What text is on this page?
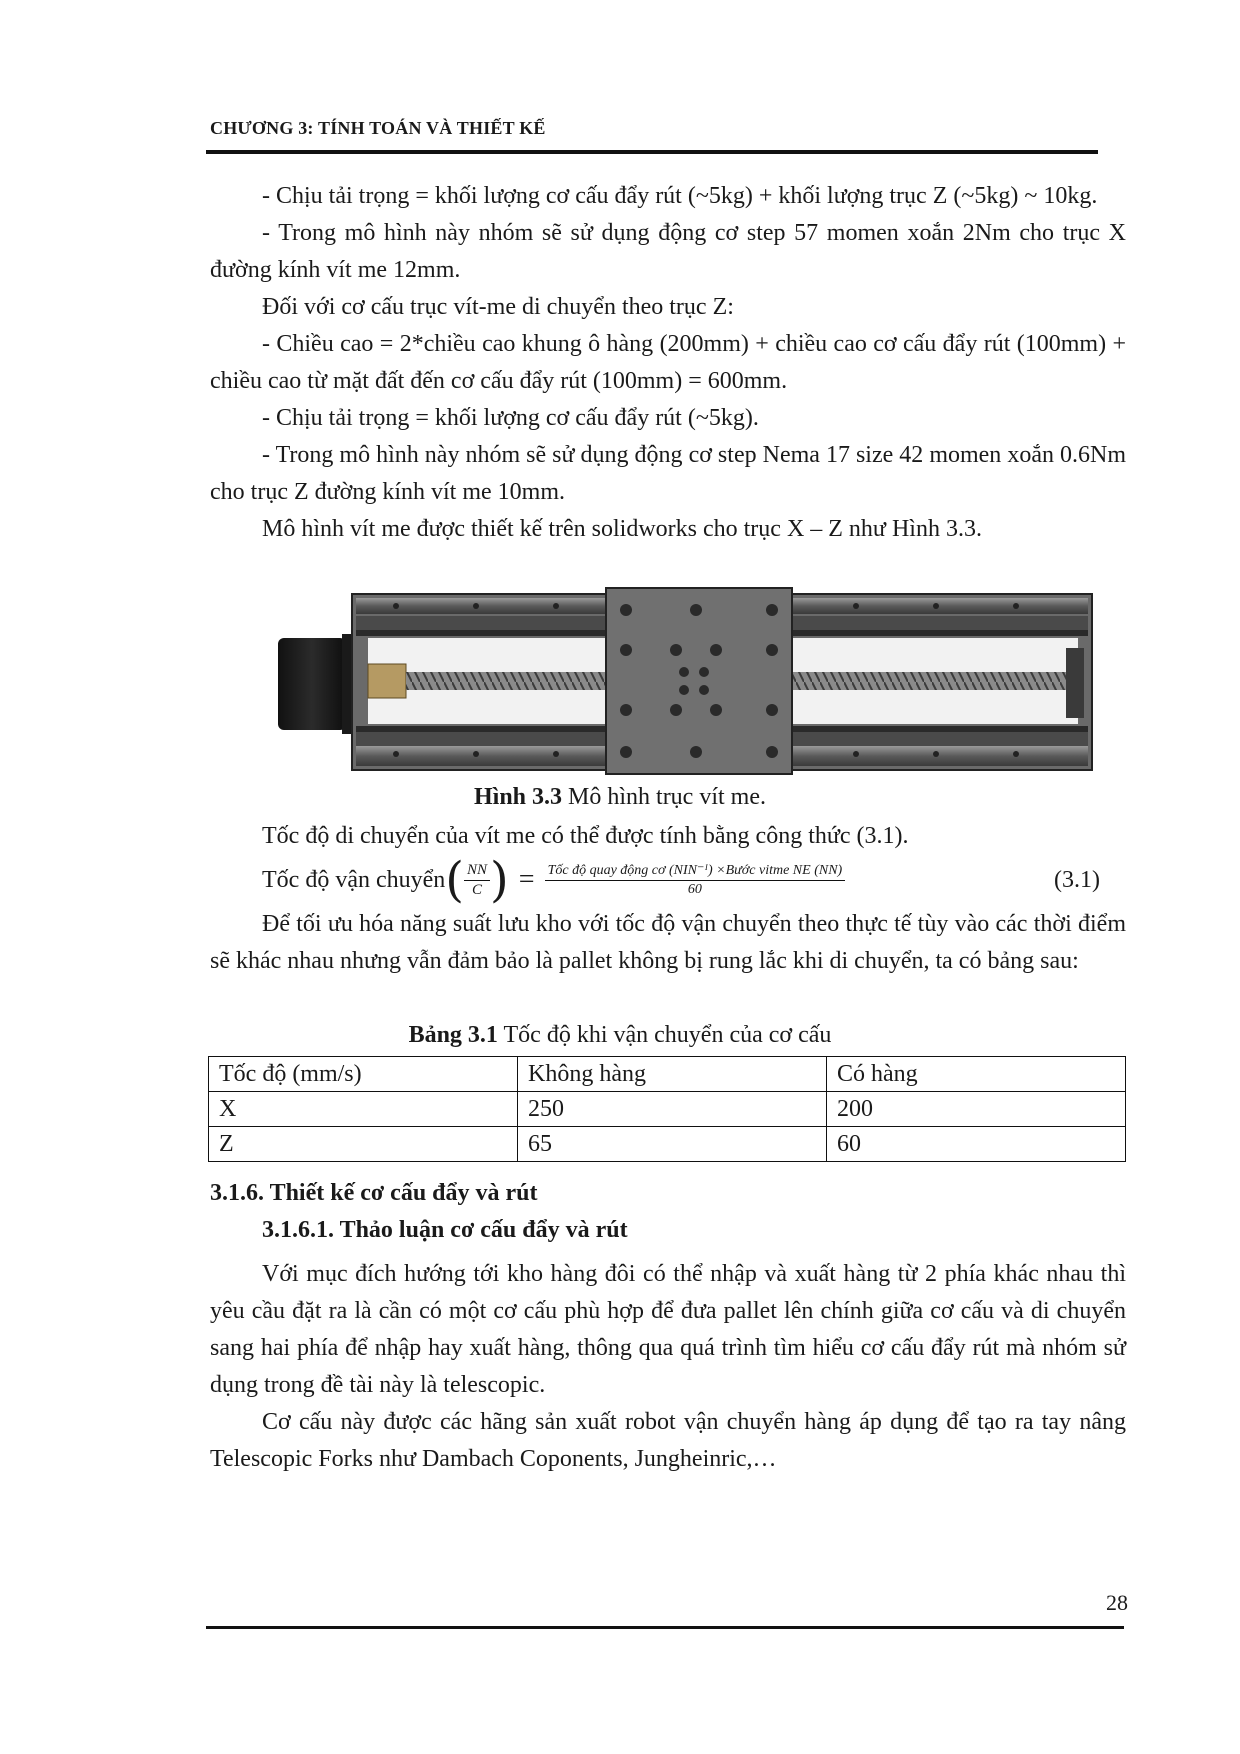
CHƯƠNG 3: TÍNH TOÁN VÀ THIẾT KẾ

- Chịu tải trọng = khối lượng cơ cấu đẩy rút (~5kg) + khối lượng trục Z (~5kg) ~ 10kg.

- Trong mô hình này nhóm sẽ sử dụng động cơ step 57 momen xoắn 2Nm cho trục X đường kính vít me 12mm.

Đối với cơ cấu trục vít-me di chuyển theo trục Z:

- Chiều cao = 2*chiều cao khung ô hàng (200mm) + chiều cao cơ cấu đẩy rút (100mm) + chiều cao từ mặt đất đến cơ cấu đẩy rút (100mm) = 600mm.

- Chịu tải trọng = khối lượng cơ cấu đẩy rút (~5kg).

- Trong mô hình này nhóm sẽ sử dụng động cơ step Nema 17 size 42 momen xoắn 0.6Nm cho trục Z đường kính vít me 10mm.

Mô hình vít me được thiết kế trên solidworks cho trục X – Z như Hình 3.3.

Hình 3.3 Mô hình trục vít me.

Tốc độ di chuyển của vít me có thể được tính bằng công thức (3.1).

Tốc độ vận chuyển ( $\frac{NN}{C}$ ) = $\frac{\text{Tốc độ quay động cơ (NIN⁻ᴵ) ×Bước vitme NE (NN)}}{60}$	(3.1)

Để tối ưu hóa năng suất lưu kho với tốc độ vận chuyển theo thực tế tùy vào các thời điểm sẽ khác nhau nhưng vẫn đảm bảo là pallet không bị rung lắc khi di chuyển, ta có bảng sau:

Bảng 3.1 Tốc độ khi vận chuyển của cơ cấu
Tốc độ (mm/s)	Không hàng	Có hàng
X	250	200
Z	65	60
3.1.6. Thiết kế cơ cấu đẩy và rút
3.1.6.1. Thảo luận cơ cấu đẩy và rút

Với mục đích hướng tới kho hàng đôi có thể nhập và xuất hàng từ 2 phía khác nhau thì yêu cầu đặt ra là cần có một cơ cấu phù hợp để đưa pallet lên chính giữa cơ cấu và di chuyển sang hai phía để nhập hay xuất hàng, thông qua quá trình tìm hiểu cơ cấu đẩy rút mà nhóm sử dụng trong đề tài này là telescopic.

Cơ cấu này được các hãng sản xuất robot vận chuyển hàng áp dụng để tạo ra tay nâng Telescopic Forks như Dambach Coponents, Jungheinric,…

28
